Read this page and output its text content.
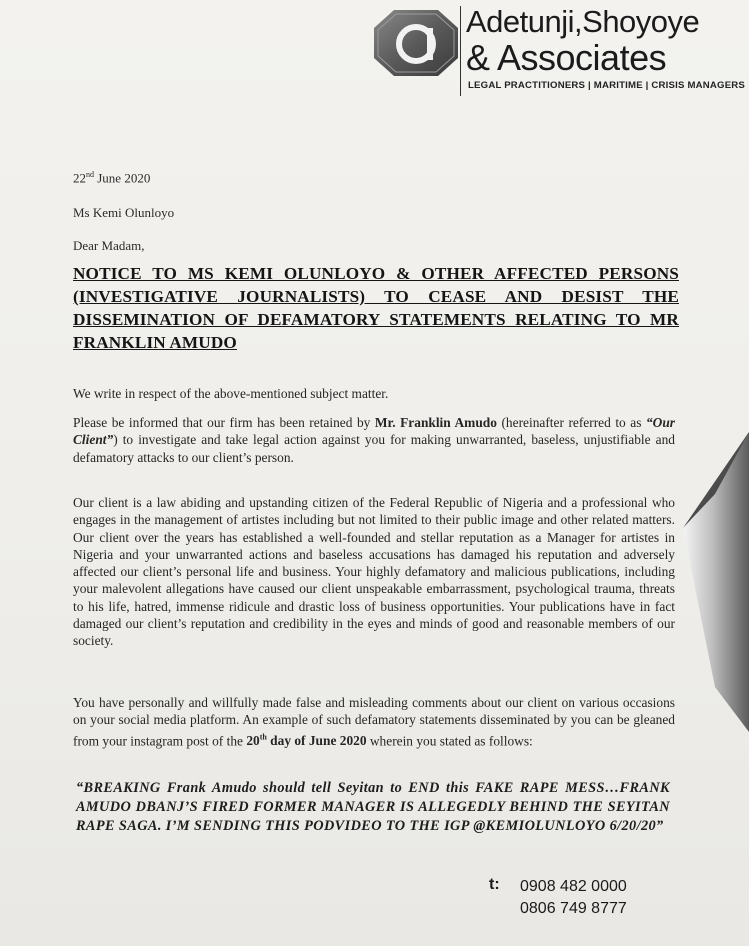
Adetunji,Shoyoye
& Associates
LEGAL PRACTITIONERS | MARITIME | CRISIS MANAGERS
22nd June 2020
Ms Kemi Olunloyo
Dear Madam,
NOTICE TO MS KEMI OLUNLOYO & OTHER AFFECTED PERSONS (INVESTIGATIVE JOURNALISTS) TO CEASE AND DESIST THE DISSEMINATION OF DEFAMATORY STATEMENTS RELATING TO MR FRANKLIN AMUDO
We write in respect of the above-mentioned subject matter.
Please be informed that our firm has been retained by Mr. Franklin Amudo (hereinafter referred to as “Our Client”) to investigate and take legal action against you for making unwarranted, baseless, unjustifiable and defamatory attacks to our client’s person.
Our client is a law abiding and upstanding citizen of the Federal Republic of Nigeria and a professional who engages in the management of artistes including but not limited to their public image and other related matters. Our client over the years has established a well-founded and stellar reputation as a Manager for artistes in Nigeria and your unwarranted actions and baseless accusations has damaged his reputation and adversely affected our client’s personal life and business. Your highly defamatory and malicious publications, including your malevolent allegations have caused our client unspeakable embarrassment, psychological trauma, threats to his life, hatred, immense ridicule and drastic loss of business opportunities. Your publications have in fact damaged our client’s reputation and credibility in the eyes and minds of good and reasonable members of our society.
You have personally and willfully made false and misleading comments about our client on various occasions on your social media platform. An example of such defamatory statements disseminated by you can be gleaned from your instagram post of the 20th day of June 2020 wherein you stated as follows:
“BREAKING Frank Amudo should tell Seyitan to END this FAKE RAPE MESS…FRANK AMUDO DBANJ’S FIRED FORMER MANAGER IS ALLEGEDLY BEHIND THE SEYITAN RAPE SAGA. I’M SENDING THIS PODVIDEO TO THE IGP @KEMIOLUNLOYO 6/20/20”
t: 0908 482 0000
0806 749 8777
